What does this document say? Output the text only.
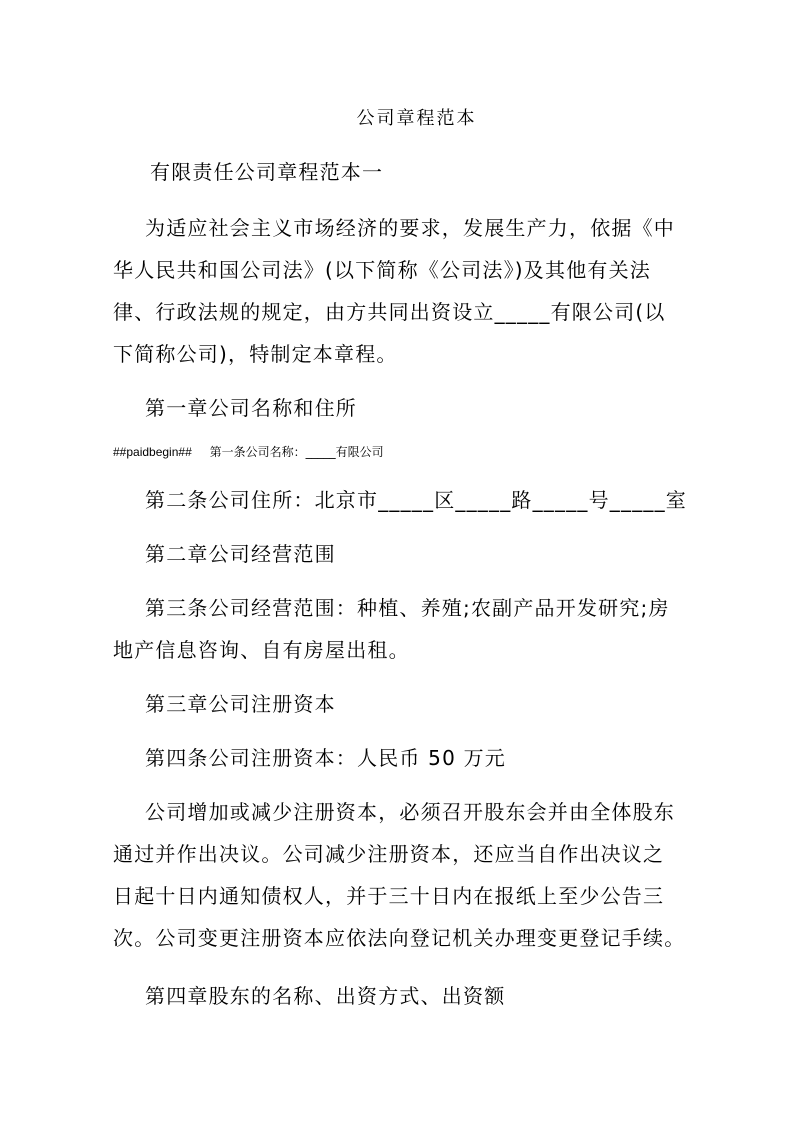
公司章程范本
有限责任公司章程范本一
为适应社会主义市场经济的要求，发展生产力，依据《中
华人民共和国公司法》(以下简称《公司法》)及其他有关法
律、行政法规的规定，由方共同出资设立_____有限公司(以
下简称公司)，特制定本章程。
第一章公司名称和住所
##paidbegin## 第一条公司名称：_____有限公司
第二条公司住所：北京市_____区_____路_____号_____室
第二章公司经营范围
第三条公司经营范围：种植、养殖;农副产品开发研究;房
地产信息咨询、自有房屋出租。
第三章公司注册资本
第四条公司注册资本：人民币 50 万元
公司增加或减少注册资本，必须召开股东会并由全体股东
通过并作出决议。公司减少注册资本，还应当自作出决议之
日起十日内通知债权人，并于三十日内在报纸上至少公告三
次。公司变更注册资本应依法向登记机关办理变更登记手续。
第四章股东的名称、出资方式、出资额
